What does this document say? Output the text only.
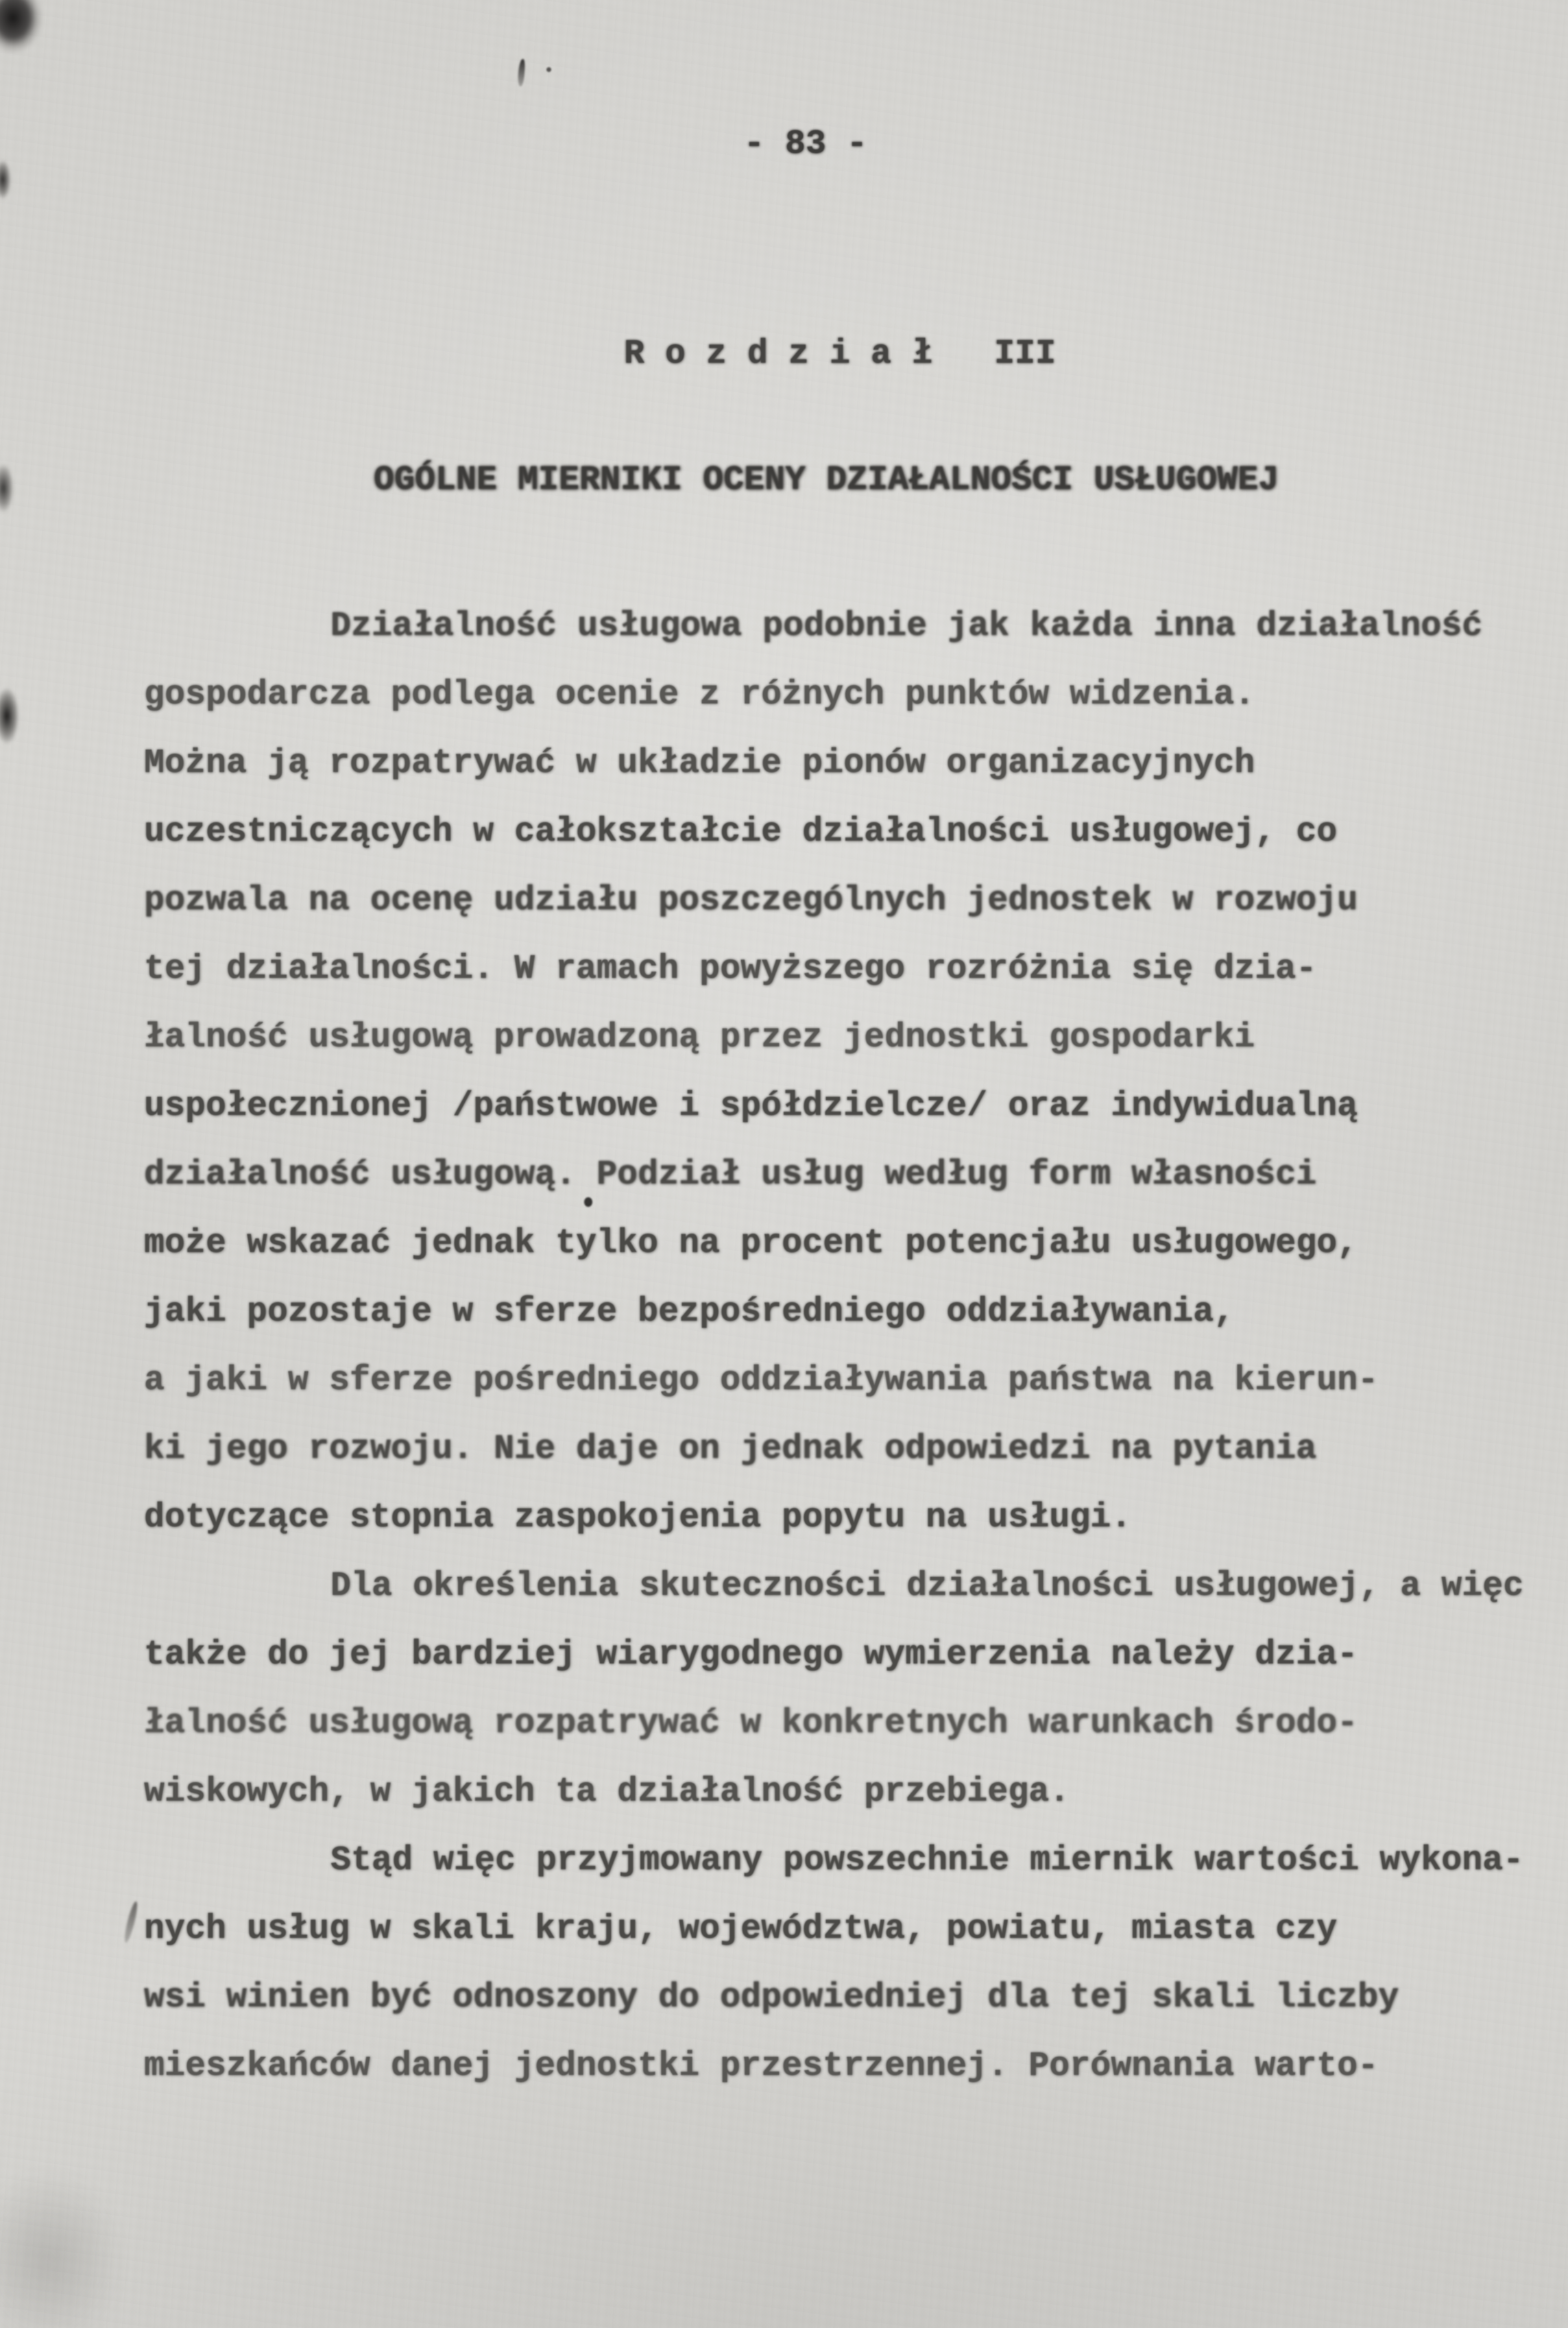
- 83 -
R o z d z i a ł   III
OGÓLNE MIERNIKI OCENY DZIAŁALNOŚCI USŁUGOWEJ
Działalność usługowa podobnie jak każda inna działalność
gospodarcza podlega ocenie z różnych punktów widzenia.
Można ją rozpatrywać w układzie pionów organizacyjnych
uczestniczących w całokształcie działalności usługowej, co
pozwala na ocenę udziału poszczególnych jednostek w rozwoju
tej działalności. W ramach powyższego rozróżnia się dzia-
łalność usługową prowadzoną przez jednostki gospodarki
uspołecznionej /państwowe i spółdzielcze/ oraz indywidualną
działalność usługową. Podział usług według form własności
może wskazać jednak tylko na procent potencjału usługowego,
jaki pozostaje w sferze bezpośredniego oddziaływania,
a jaki w sferze pośredniego oddziaływania państwa na kierun-
ki jego rozwoju. Nie daje on jednak odpowiedzi na pytania
dotyczące stopnia zaspokojenia popytu na usługi.
Dla określenia skuteczności działalności usługowej, a więc
także do jej bardziej wiarygodnego wymierzenia należy dzia-
łalność usługową rozpatrywać w konkretnych warunkach środo-
wiskowych, w jakich ta działalność przebiega.
Stąd więc przyjmowany powszechnie miernik wartości wykona-
nych usług w skali kraju, województwa, powiatu, miasta czy
wsi winien być odnoszony do odpowiedniej dla tej skali liczby
mieszkańców danej jednostki przestrzennej. Porównania warto-
